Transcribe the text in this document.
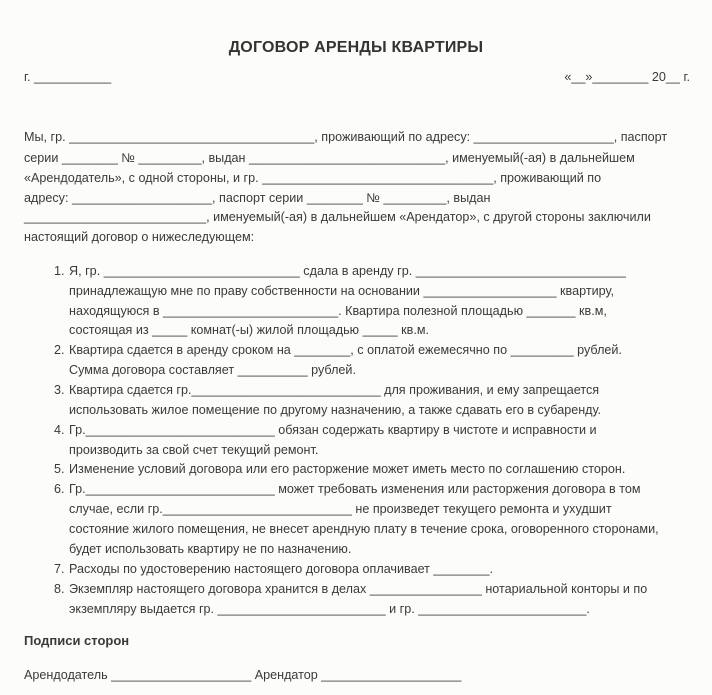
ДОГОВОР АРЕНДЫ КВАРТИРЫ
г. ___________	«__»________ 20__ г.
Мы, гр. ___________________________________, проживающий по адресу: ____________________, паспорт
серии ________ № _________, выдан ____________________________, именуемый(-ая) в дальнейшем
«Арендодатель», с одной стороны, и гр. _________________________________, проживающий по
адресу: ____________________, паспорт серии ________ № _________, выдан
__________________________, именуемый(-ая) в дальнейшем «Арендатор», с другой стороны заключили
настоящий договор о нижеследующем:
1. Я, гр. ____________________________ сдала в аренду гр. ______________________________
принадлежащую мне по праву собственности на основании ___________________ квартиру,
находящуюся в _________________________. Квартира полезной площадью _______ кв.м,
состоящая из _____ комнат(-ы) жилой площадью _____ кв.м.
2. Квартира сдается в аренду сроком на ________, с оплатой ежемесячно по _________ рублей.
Сумма договора составляет __________ рублей.
3. Квартира сдается гр.___________________________ для проживания, и ему запрещается
использовать жилое помещение по другому назначению, а также сдавать его в субаренду.
4. Гр.___________________________ обязан содержать квартиру в чистоте и исправности и
производить за свой счет текущий ремонт.
5. Изменение условий договора или его расторжение может иметь место по соглашению сторон.
6. Гр.___________________________ может требовать изменения или расторжения договора в том
случае, если гр.___________________________ не произведет текущего ремонта и ухудшит
состояние жилого помещения, не внесет арендную плату в течение срока, оговоренного сторонами,
будет использовать квартиру не по назначению.
7. Расходы по удостоверению настоящего договора оплачивает ________.
8. Экземпляр настоящего договора хранится в делах ________________ нотариальной конторы и по
экземпляру выдается гр. ________________________ и гр. ________________________.
Подписи сторон
Арендодатель ____________________ Арендатор ____________________
